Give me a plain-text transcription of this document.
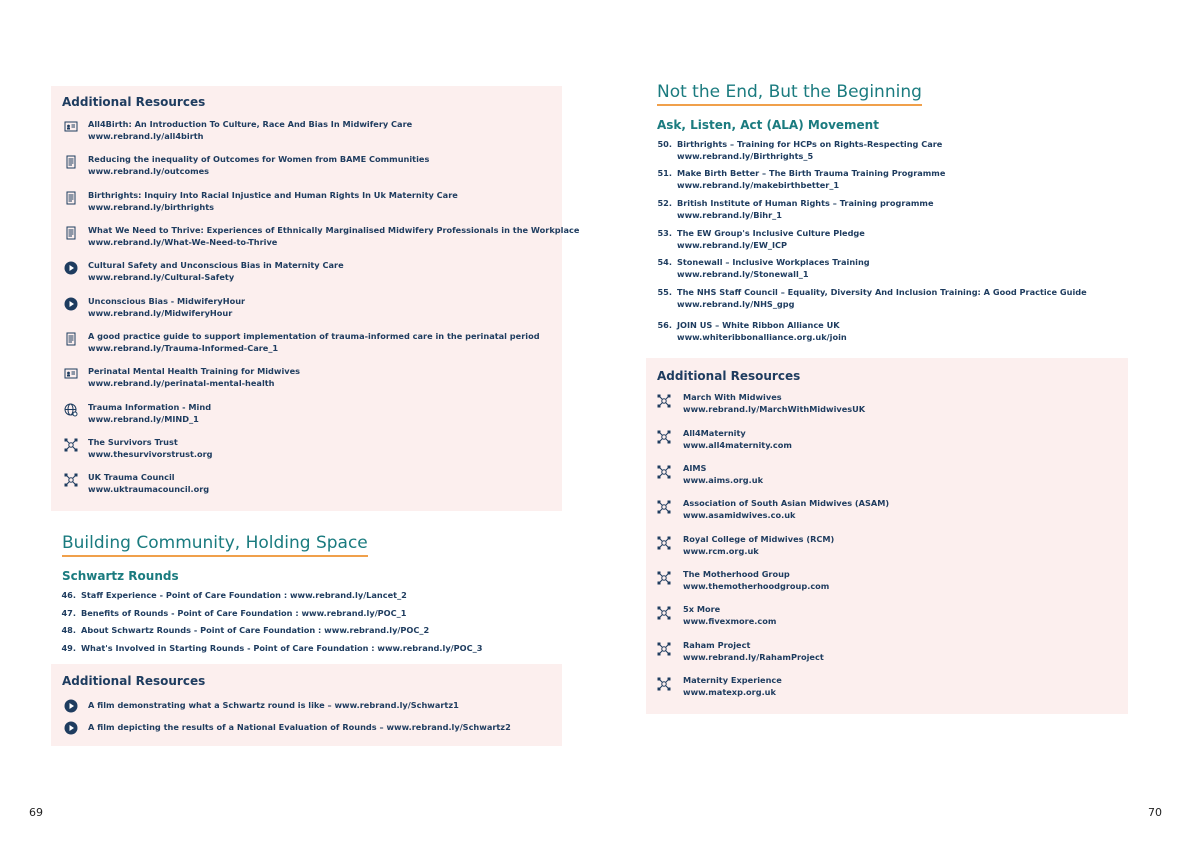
Additional Resources
All4Birth: An Introduction To Culture, Race And Bias In Midwifery Care
www.rebrand.ly/all4birth
Reducing the inequality of Outcomes for Women from BAME Communities
www.rebrand.ly/outcomes
Birthrights: Inquiry Into Racial Injustice and Human Rights In Uk Maternity Care
www.rebrand.ly/birthrights
What We Need to Thrive: Experiences of Ethnically Marginalised Midwifery Professionals in the Workplace
www.rebrand.ly/What-We-Need-to-Thrive
Cultural Safety and Unconscious Bias in Maternity Care
www.rebrand.ly/Cultural-Safety
Unconscious Bias - MidwiferyHour
www.rebrand.ly/MidwiferyHour
A good practice guide to support implementation of trauma-informed care in the perinatal period
www.rebrand.ly/Trauma-Informed-Care_1
Perinatal Mental Health Training for Midwives
www.rebrand.ly/perinatal-mental-health
Trauma Information - Mind
www.rebrand.ly/MIND_1
The Survivors Trust
www.thesurvivorstrust.org
UK Trauma Council
www.uktraumacouncil.org
Building Community, Holding Space
Schwartz Rounds
46. Staff Experience - Point of Care Foundation : www.rebrand.ly/Lancet_2
47. Benefits of Rounds - Point of Care Foundation : www.rebrand.ly/POC_1
48. About Schwartz Rounds - Point of Care Foundation : www.rebrand.ly/POC_2
49. What's Involved in Starting Rounds - Point of Care Foundation : www.rebrand.ly/POC_3
Additional Resources
A film demonstrating what a Schwartz round is like – www.rebrand.ly/Schwartz1
A film depicting the results of a National Evaluation of Rounds – www.rebrand.ly/Schwartz2
69
Not the End, But the Beginning
Ask, Listen, Act (ALA) Movement
50. Birthrights – Training for HCPs on Rights-Respecting Care
www.rebrand.ly/Birthrights_5
51. Make Birth Better – The Birth Trauma Training Programme
www.rebrand.ly/makebirthbetter_1
52. British Institute of Human Rights – Training programme
www.rebrand.ly/Bihr_1
53. The EW Group's Inclusive Culture Pledge
www.rebrand.ly/EW_ICP
54. Stonewall – Inclusive Workplaces Training
www.rebrand.ly/Stonewall_1
55. The NHS Staff Council – Equality, Diversity And Inclusion Training: A Good Practice Guide
www.rebrand.ly/NHS_gpg
56. JOIN US – White Ribbon Alliance UK
www.whiteribbonalliance.org.uk/join
Additional Resources
March With Midwives
www.rebrand.ly/MarchWithMidwivesUK
All4Maternity
www.all4maternity.com
AIMS
www.aims.org.uk
Association of South Asian Midwives (ASAM)
www.asamidwives.co.uk
Royal College of Midwives (RCM)
www.rcm.org.uk
The Motherhood Group
www.themotherhoodgroup.com
5x More
www.fivexmore.com
Raham Project
www.rebrand.ly/RahamProject
Maternity Experience
www.matexp.org.uk
70
